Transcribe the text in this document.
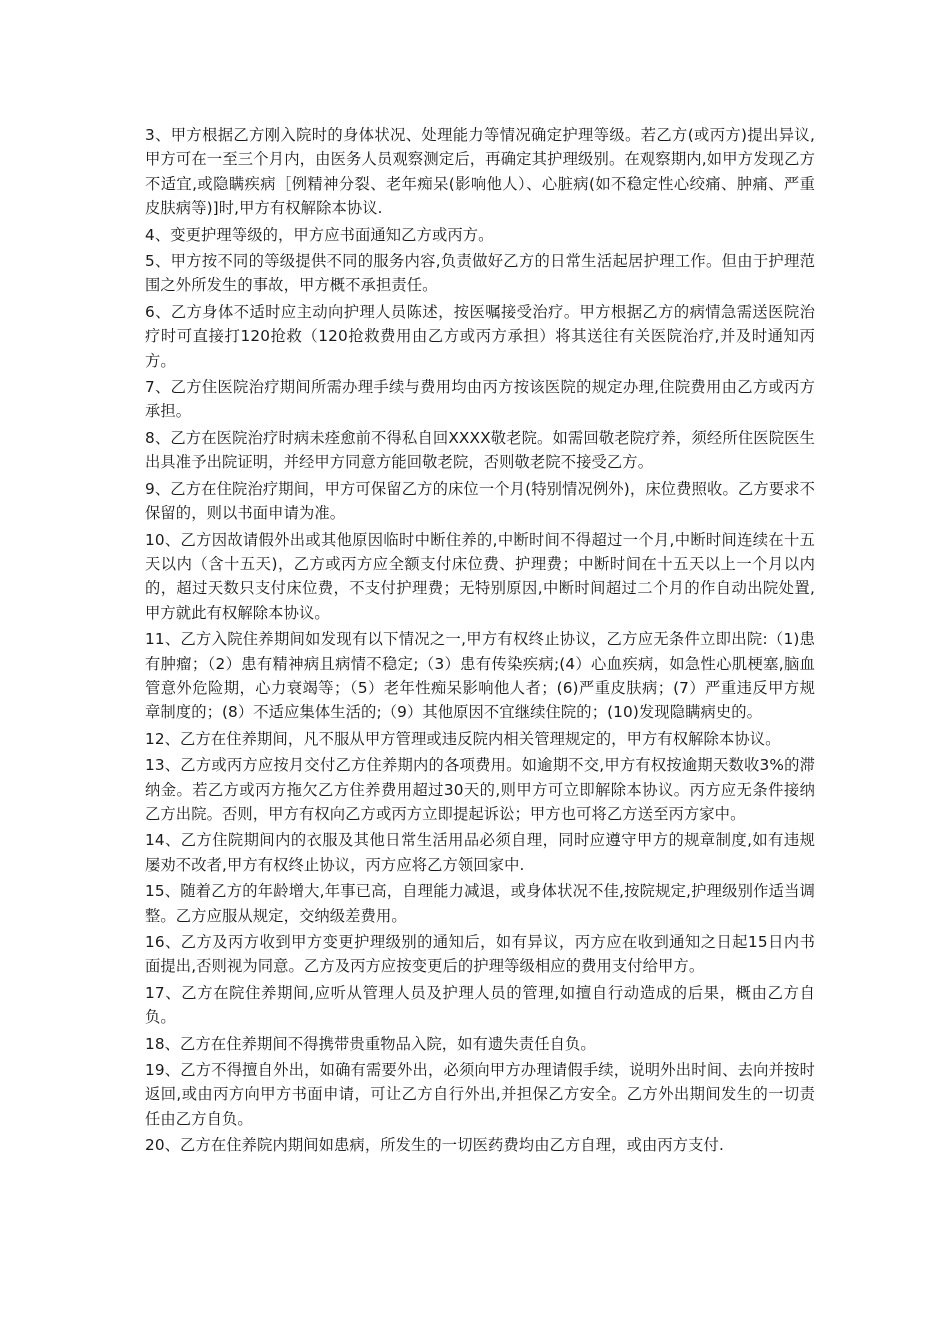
3、甲方根据乙方刚入院时的身体状况、处理能力等情况确定护理等级。若乙方(或丙方)提出异议,甲方可在一至三个月内，由医务人员观察测定后，再确定其护理级别。在观察期内,如甲方发现乙方不适宜,或隐瞒疾病［例精神分裂、老年痴呆(影响他人）、心脏病(如不稳定性心绞痛、肿痛、严重皮肤病等)]时,甲方有权解除本协议.

4、变更护理等级的，甲方应书面通知乙方或丙方。

5、甲方按不同的等级提供不同的服务内容,负责做好乙方的日常生活起居护理工作。但由于护理范围之外所发生的事故，甲方概不承担责任。

6、乙方身体不适时应主动向护理人员陈述，按医嘱接受治疗。甲方根据乙方的病情急需送医院治疗时可直接打120抢救（120抢救费用由乙方或丙方承担）将其送往有关医院治疗,并及时通知丙方。

7、乙方住医院治疗期间所需办理手续与费用均由丙方按该医院的规定办理,住院费用由乙方或丙方承担。

8、乙方在医院治疗时病未痊愈前不得私自回XXXX敬老院。如需回敬老院疗养，须经所住医院医生出具准予出院证明，并经甲方同意方能回敬老院，否则敬老院不接受乙方。

9、乙方在住院治疗期间，甲方可保留乙方的床位一个月(特别情况例外)，床位费照收。乙方要求不保留的，则以书面申请为准。

10、乙方因故请假外出或其他原因临时中断住养的,中断时间不得超过一个月,中断时间连续在十五天以内（含十五天)，乙方或丙方应全额支付床位费、护理费；中断时间在十五天以上一个月以内的，超过天数只支付床位费，不支付护理费；无特别原因,中断时间超过二个月的作自动出院处置,甲方就此有权解除本协议。

11、乙方入院住养期间如发现有以下情况之一,甲方有权终止协议，乙方应无条件立即出院:（1)患有肿瘤；（2）患有精神病且病情不稳定;（3）患有传染疾病;(4）心血疾病，如急性心肌梗塞,脑血管意外危险期，心力衰竭等；（5）老年性痴呆影响他人者；(6)严重皮肤病；(7）严重违反甲方规章制度的；(8）不适应集体生活的;（9）其他原因不宜继续住院的；(10)发现隐瞒病史的。

12、乙方在住养期间，凡不服从甲方管理或违反院内相关管理规定的，甲方有权解除本协议。

13、乙方或丙方应按月交付乙方住养期内的各项费用。如逾期不交,甲方有权按逾期天数收3%的滞纳金。若乙方或丙方拖欠乙方住养费用超过30天的,则甲方可立即解除本协议。丙方应无条件接纳乙方出院。否则，甲方有权向乙方或丙方立即提起诉讼；甲方也可将乙方送至丙方家中。

14、乙方住院期间内的衣服及其他日常生活用品必须自理，同时应遵守甲方的规章制度,如有违规屡劝不改者,甲方有权终止协议，丙方应将乙方领回家中.

15、随着乙方的年龄增大,年事已高，自理能力减退，或身体状况不佳,按院规定,护理级别作适当调整。乙方应服从规定，交纳级差费用。

16、乙方及丙方收到甲方变更护理级别的通知后，如有异议，丙方应在收到通知之日起15日内书面提出,否则视为同意。乙方及丙方应按变更后的护理等级相应的费用支付给甲方。

17、乙方在院住养期间,应听从管理人员及护理人员的管理,如擅自行动造成的后果，概由乙方自负。

18、乙方在住养期间不得携带贵重物品入院，如有遗失责任自负。

19、乙方不得擅自外出，如确有需要外出，必须向甲方办理请假手续，说明外出时间、去向并按时返回,或由丙方向甲方书面申请，可让乙方自行外出,并担保乙方安全。乙方外出期间发生的一切责任由乙方自负。

20、乙方在住养院内期间如患病，所发生的一切医药费均由乙方自理，或由丙方支付.
